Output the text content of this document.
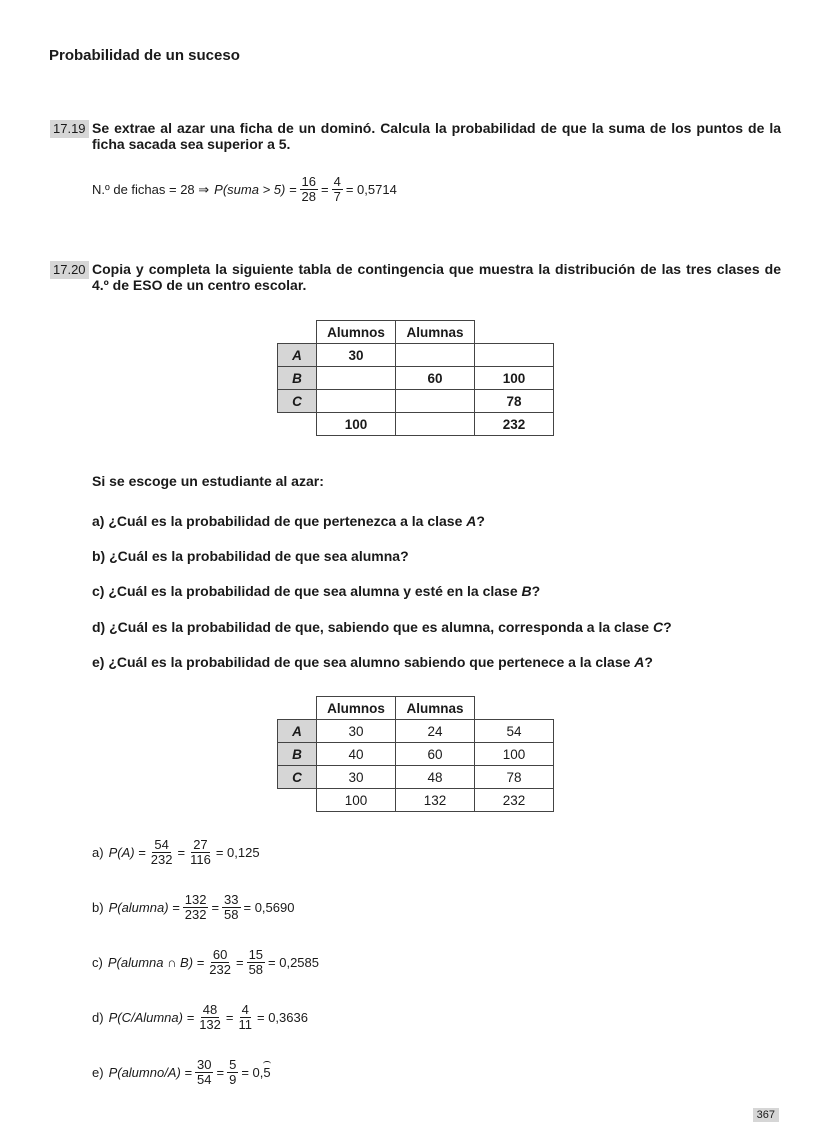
Probabilidad de un suceso
17.19 Se extrae al azar una ficha de un dominó. Calcula la probabilidad de que la suma de los puntos de la ficha sacada sea superior a 5.
N.º de fichas = 28 ⇒ P(suma > $5) = \frac{16}{28} = \frac{4}{7} = 0,5714$
17.20 Copia y completa la siguiente tabla de contingencia que muestra la distribución de las tres clases de 4.º de ESO de un centro escolar.
	Alumnos	Alumnas	
A	30		
B		60	100
C			78
	100		232
Si se escoge un estudiante al azar:
a) ¿Cuál es la probabilidad de que pertenezca a la clase A?
b) ¿Cuál es la probabilidad de que sea alumna?
c) ¿Cuál es la probabilidad de que sea alumna y esté en la clase B?
d) ¿Cuál es la probabilidad de que, sabiendo que es alumna, corresponda a la clase C?
e) ¿Cuál es la probabilidad de que sea alumno sabiendo que pertenece a la clase A?
	Alumnos	Alumnas	
A	30	24	54
B	40	60	100
C	30	48	78
	100	132	232
a) $P(A) = \frac{54}{232} = \frac{27}{116} = 0,125$
b) P(alumna) = $\frac{132}{232} = \frac{33}{58} = 0,5690$
c) P(alumna ∩ $B) = \frac{60}{232} = \frac{15}{58} = 0,2585$
d) P(C/Alumna) = $\frac{48}{132} = \frac{4}{11} = 0,3636$
e) P(alumno/A) = $\frac{30}{54} = \frac{5}{9} = 0$, 5
367
